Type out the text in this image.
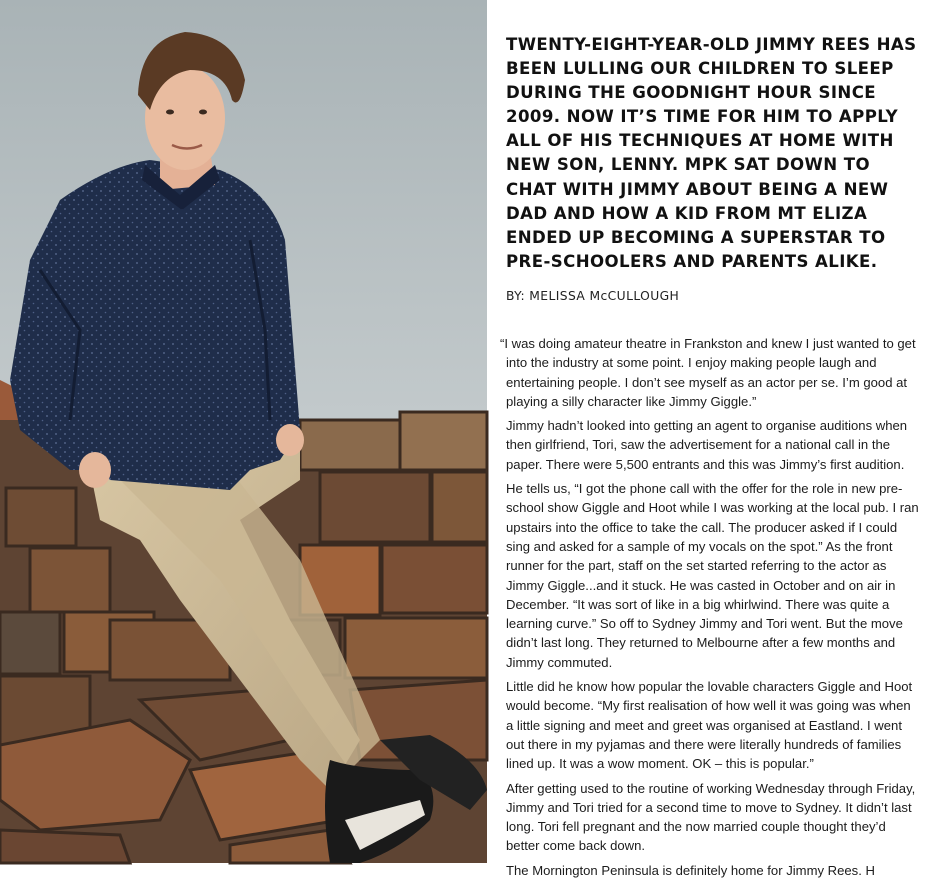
TWENTY-EIGHT-YEAR-OLD JIMMY REES HAS BEEN LULLING OUR CHILDREN TO SLEEP DURING THE GOODNIGHT HOUR SINCE 2009. NOW IT’S TIME FOR HIM TO APPLY ALL OF HIS TECHNIQUES AT HOME WITH NEW SON, LENNY. MPK SAT DOWN TO CHAT WITH JIMMY ABOUT BEING A NEW DAD AND HOW A KID FROM MT ELIZA ENDED UP BECOMING A SUPERSTAR TO PRE-SCHOOLERS AND PARENTS ALIKE.

BY: MELISSA McCULLOUGH

“I was doing amateur theatre in Frankston and knew I just wanted to get into the industry at some point. I enjoy making people laugh and entertaining people. I don’t see myself as an actor per se. I’m good at playing a silly character like Jimmy Giggle.”

Jimmy hadn’t looked into getting an agent to organise auditions when then girlfriend, Tori, saw the advertisement for a national call in the paper. There were 5,500 entrants and this was Jimmy’s first audition.

He tells us, “I got the phone call with the offer for the role in new pre-school show Giggle and Hoot while I was working at the local pub. I ran upstairs into the office to take the call. The producer asked if I could sing and asked for a sample of my vocals on the spot.” As the front runner for the part, staff on the set started referring to the actor as Jimmy Giggle...and it stuck. He was casted in October and on air in December. “It was sort of like in a big whirlwind. There was quite a learning curve.” So off to Sydney Jimmy and Tori went. But the move didn’t last long. They returned to Melbourne after a few months and Jimmy commuted.

Little did he know how popular the lovable characters Giggle and Hoot would become. “My first realisation of how well it was going was when a little signing and meet and greet was organised at Eastland. I went out there in my pyjamas and there were literally hundreds of families lined up. It was a wow moment. OK – this is popular.”

After getting used to the routine of working Wednesday through Friday, Jimmy and Tori tried for a second time to move to Sydney. It didn’t last long. Tori fell pregnant and the now married couple thought they’d better come back down.

The Mornington Peninsula is definitely home for Jimmy Rees. H
